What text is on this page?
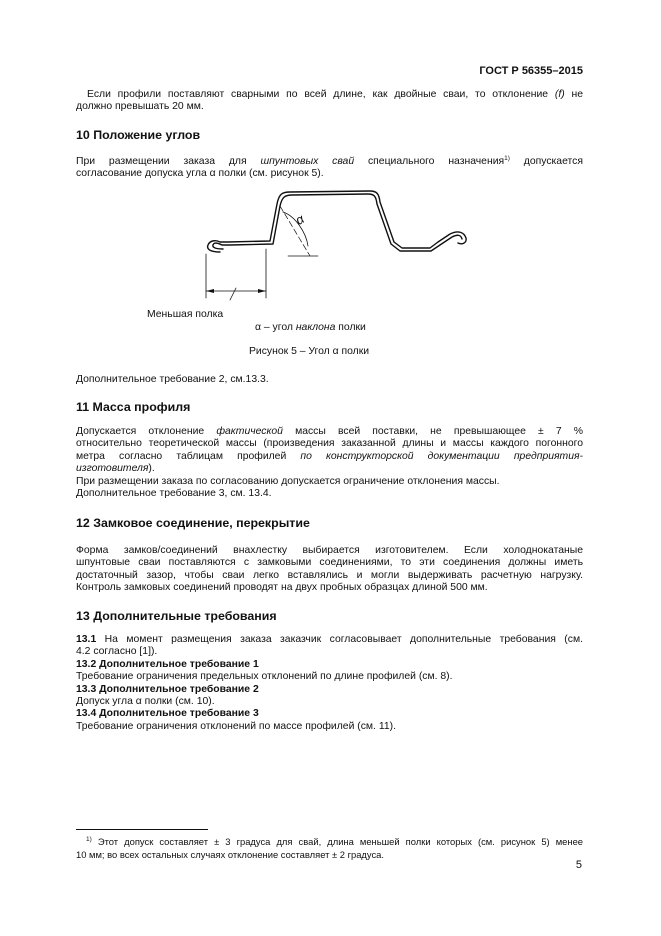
ГОСТ Р 56355–2015
Если профили поставляют сварными по всей длине, как двойные сваи, то отклонение (f) не
должно превышать 20 мм.
10 Положение углов
При размещении заказа для шпунтовых свай специального назначения$^{1)}$ допускается
согласование допуска угла α полки (см. рисунок 5).
α
Меньшая полка
α – угол наклона полки
Рисунок 5 – Угол α полки
Дополнительное требование 2, см.13.3.
11 Масса профиля
Допускается отклонение фактической массы всей поставки, не превышающее ± 7 %
относительно теоретической массы (произведения заказанной длины и массы каждого погонного
метра согласно таблицам профилей по конструкторской документации предприятия-
изготовителя).
При размещении заказа по согласованию допускается ограничение отклонения массы.
Дополнительное требование 3, см. 13.4.
12 Замковое соединение, перекрытие
Форма замков/соединений внахлестку выбирается изготовителем. Если холоднокатаные
шпунтовые сваи поставляются с замковыми соединениями, то эти соединения должны иметь
достаточный зазор, чтобы сваи легко вставлялись и могли выдерживать расчетную нагрузку.
Контроль замковых соединений проводят на двух пробных образцах длиной 500 мм.
13 Дополнительные требования
13.1 На момент размещения заказа заказчик согласовывает дополнительные требования (см.
4.2 согласно [1]).
13.2 Дополнительное требование 1
Требование ограничения предельных отклонений по длине профилей (см. 8).
13.3 Дополнительное требование 2
Допуск угла α полки (см. 10).
13.4 Дополнительное требование 3
Требование ограничения отклонений по массе профилей (см. 11).
$^{1)}$ Этот допуск составляет ± 3 градуса для свай, длина меньшей полки которых (см. рисунок 5) менее
10 мм; во всех остальных случаях отклонение составляет ± 2 градуса.
5
